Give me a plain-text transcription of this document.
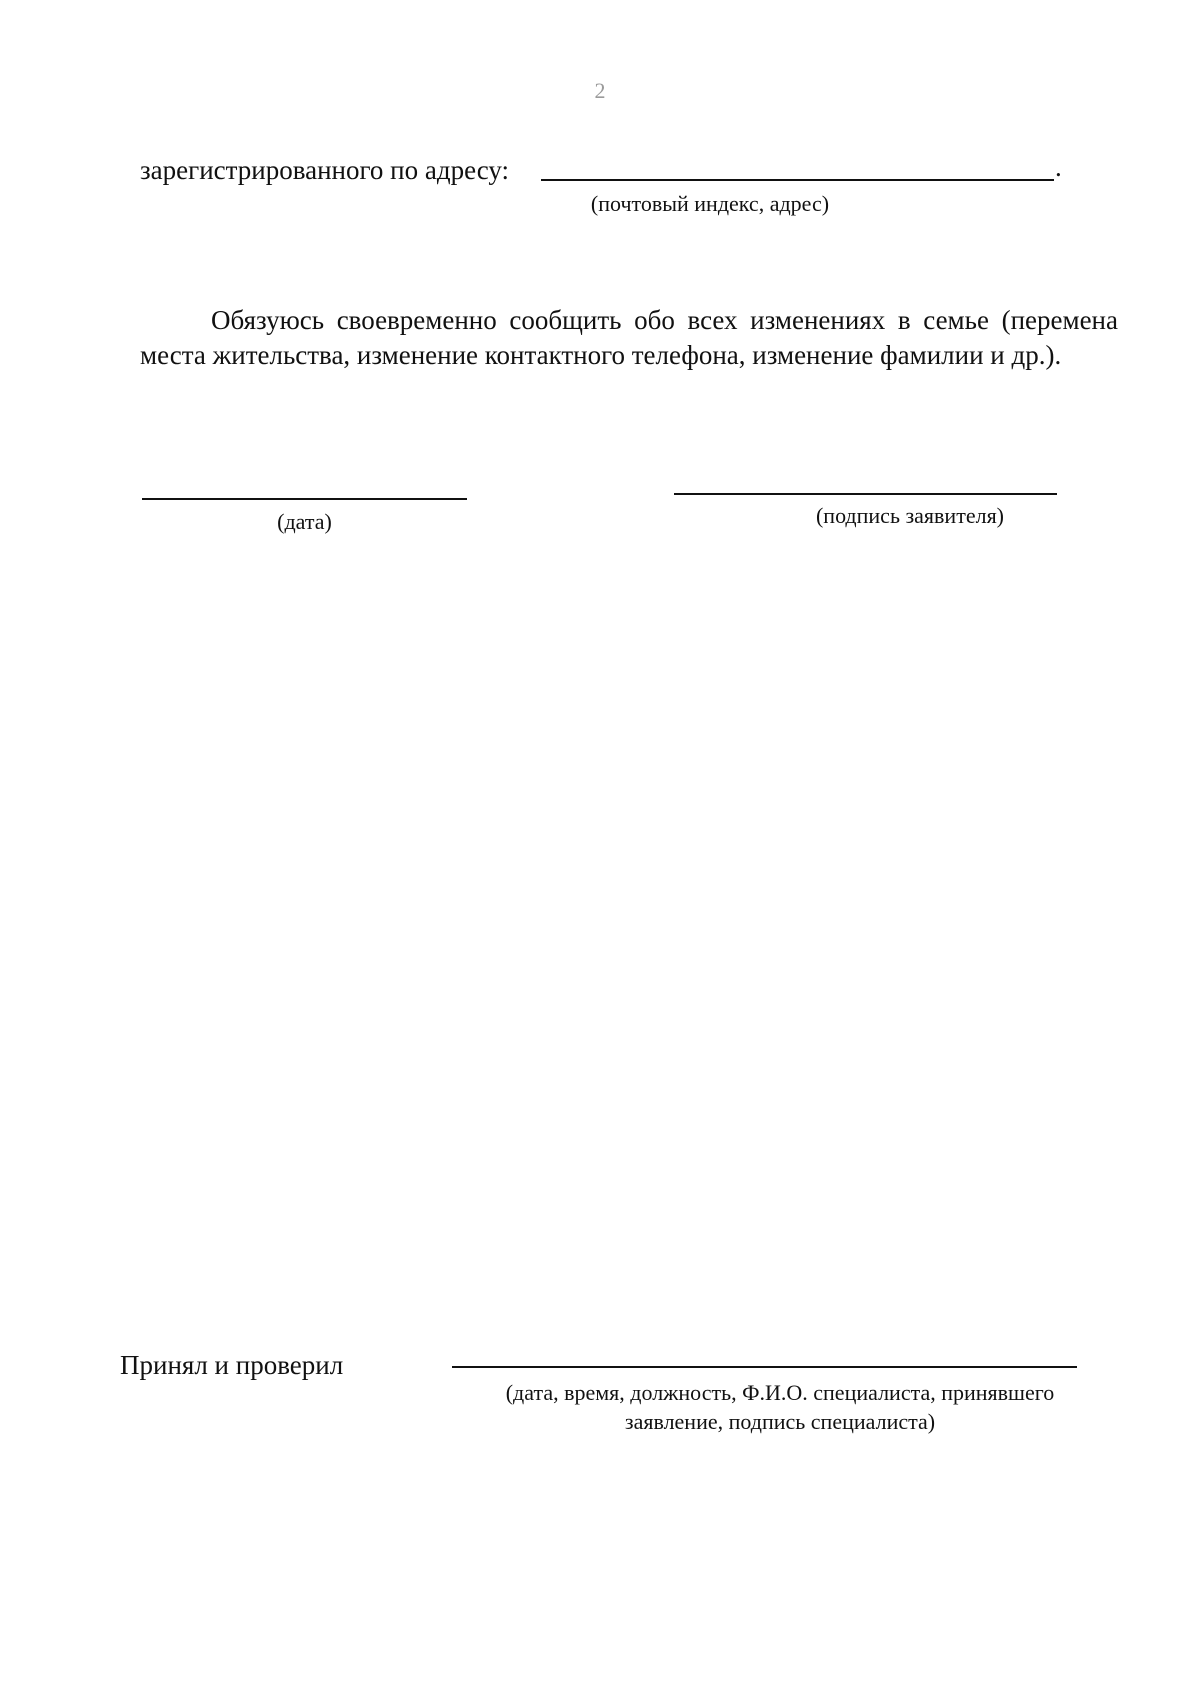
2
зарегистрированного по адресу:	.
(почтовый индекс, адрес)
Обязуюсь своевременно сообщить обо всех изменениях в семье (перемена места жительства, изменение контактного телефона, изменение фамилии и др.).
(дата)	(подпись заявителя)
Принял и проверил
(дата, время, должность, Ф.И.О. специалиста, принявшего
заявление, подпись специалиста)
